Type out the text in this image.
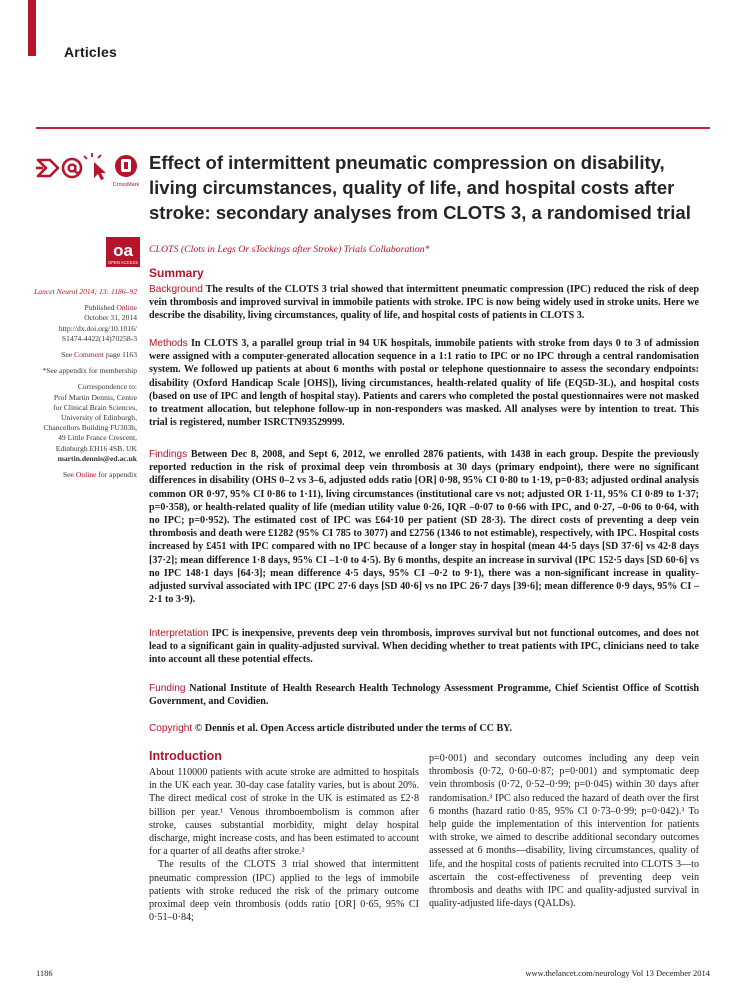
Articles
CrossMark
oa
OPEN ACCESS
Effect of intermittent pneumatic compression on disability, living circumstances, quality of life, and hospital costs after stroke: secondary analyses from CLOTS 3, a randomised trial
CLOTS (Clots in Legs Or sTockings after Stroke) Trials Collaboration*
Lancet Neurol 2014; 13: 1186–92
Published Online
October 31, 2014
http://dx.doi.org/10.1016/
S1474-4422(14)70258-3
See Comment page 1163
*See appendix for membership
Correspondence to:
Prof Martin Dennis, Centre
for Clinical Brain Sciences,
University of Edinburgh,
Chancellors Building FU303h,
49 Little France Crescent,
Edinburgh EH16 4SB, UK
martin.dennis@ed.ac.uk
See Online for appendix
Summary
Background The results of the CLOTS 3 trial showed that intermittent pneumatic compression (IPC) reduced the risk of deep vein thrombosis and improved survival in immobile patients with stroke. IPC is now being widely used in stroke units. Here we describe the disability, living circumstances, quality of life, and hospital costs of patients in CLOTS 3.
Methods In CLOTS 3, a parallel group trial in 94 UK hospitals, immobile patients with stroke from days 0 to 3 of admission were assigned with a computer-generated allocation sequence in a 1:1 ratio to IPC or no IPC through a central randomisation system. We followed up patients at about 6 months with postal or telephone questionnaire to assess the secondary endpoints: disability (Oxford Handicap Scale [OHS]), living circumstances, health-related quality of life (EQ5D-3L), and hospital costs (based on use of IPC and length of hospital stay). Patients and carers who completed the postal questionnaires were not masked to treatment allocation, but telephone follow-up in non-responders was masked. All analyses were by intention to treat. This trial is registered, number ISRCTN93529999.
Findings Between Dec 8, 2008, and Sept 6, 2012, we enrolled 2876 patients, with 1438 in each group. Despite the previously reported reduction in the risk of proximal deep vein thrombosis at 30 days (primary endpoint), there were no significant differences in disability (OHS 0–2 vs 3–6, adjusted odds ratio [OR] 0·98, 95% CI 0·80 to 1·19, p=0·83; adjusted ordinal analysis common OR 0·97, 95% CI 0·86 to 1·11), living circumstances (institutional care vs not; adjusted OR 1·11, 95% CI 0·89 to 1·37; p=0·358), or health-related quality of life (median utility value 0·26, IQR –0·07 to 0·66 with IPC, and 0·27, –0·06 to 0·64, with no IPC; p=0·952). The estimated cost of IPC was £64·10 per patient (SD 28·3). The direct costs of preventing a deep vein thrombosis and death were £1282 (95% CI 785 to 3077) and £2756 (1346 to not estimable), respectively, with IPC. Hospital costs increased by £451 with IPC compared with no IPC because of a longer stay in hospital (mean 44·5 days [SD 37·6] vs 42·8 days [37·2]; mean difference 1·8 days, 95% CI –1·0 to 4·5). By 6 months, despite an increase in survival (IPC 152·5 days [SD 60·6] vs no IPC 148·1 days [64·3]; mean difference 4·5 days, 95% CI –0·2 to 9·1), there was a non-significant increase in quality-adjusted survival associated with IPC (IPC 27·6 days [SD 40·6] vs no IPC 26·7 days [39·6]; mean difference 0·9 days, 95% CI –2·1 to 3·9).
Interpretation IPC is inexpensive, prevents deep vein thrombosis, improves survival but not functional outcomes, and does not lead to a significant gain in quality-adjusted survival. When deciding whether to treat patients with IPC, clinicians need to take into account all these potential effects.
Funding National Institute of Health Research Health Technology Assessment Programme, Chief Scientist Office of Scottish Government, and Covidien.
Copyright © Dennis et al. Open Access article distributed under the terms of CC BY.
Introduction

About 110000 patients with acute stroke are admitted to hospitals in the UK each year. 30-day case fatality varies, but is about 20%. The direct medical cost of stroke in the UK is estimated as £2·8 billion per year.¹ Venous thromboembolism is common after stroke, causes substantial morbidity, might delay hospital discharge, might increase costs, and has been estimated to account for a quarter of all deaths after stroke.²

The results of the CLOTS 3 trial showed that intermittent pneumatic compression (IPC) applied to the legs of immobile patients with stroke reduced the risk of the primary outcome proximal deep vein thrombosis (odds ratio [OR] 0·65, 95% CI 0·51–0·84;

p=0·001) and secondary outcomes including any deep vein thrombosis (0·72, 0·60–0·87; p=0·001) and symptomatic deep vein thrombosis (0·72, 0·52–0·99; p=0·045) within 30 days after randomisation.³ IPC also reduced the hazard of death over the first 6 months (hazard ratio 0·85, 95% CI 0·73–0·99; p=0·042).³ To help guide the implementation of this intervention for patients with stroke, we aimed to describe additional secondary outcomes assessed at 6 months—disability, living circumstances, quality of life, and the hospital costs of patients recruited into CLOTS 3—to ascertain the cost-effectiveness of preventing deep vein thrombosis and deaths with IPC and quality-adjusted survival in quality-adjusted life-days (QALDs).

1186	www.thelancet.com/neurology Vol 13 December 2014
